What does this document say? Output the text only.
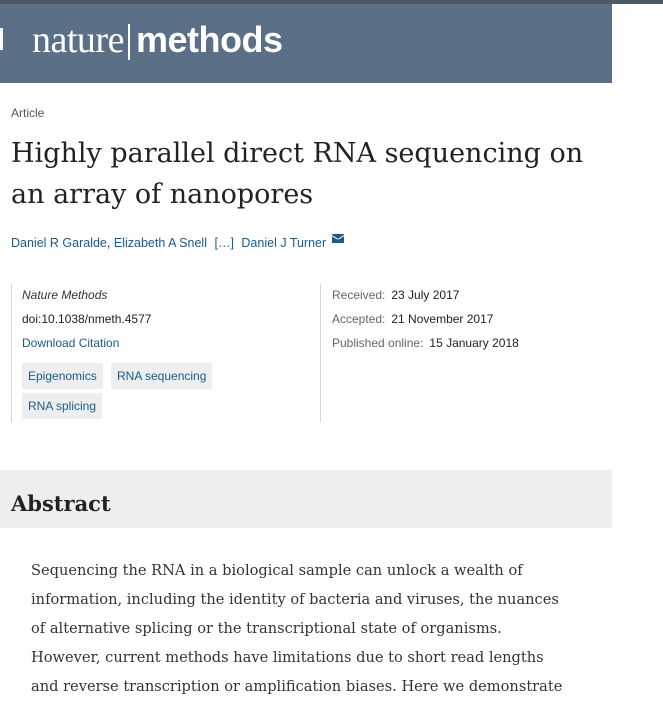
nature methods
Article
Highly parallel direct RNA sequencing on an array of nanopores
Daniel R Garalde, Elizabeth A Snell […] Daniel J Turner
Nature Methods
doi:10.1038/nmeth.4577
Download Citation
Epigenomics	RNA sequencing
RNA splicing
Received: 23 July 2017
Accepted: 21 November 2017
Published online: 15 January 2018
Abstract

Sequencing the RNA in a biological sample can unlock a wealth of
information, including the identity of bacteria and viruses, the nuances
of alternative splicing or the transcriptional state of organisms.
However, current methods have limitations due to short read lengths
and reverse transcription or amplification biases. Here we demonstrate
